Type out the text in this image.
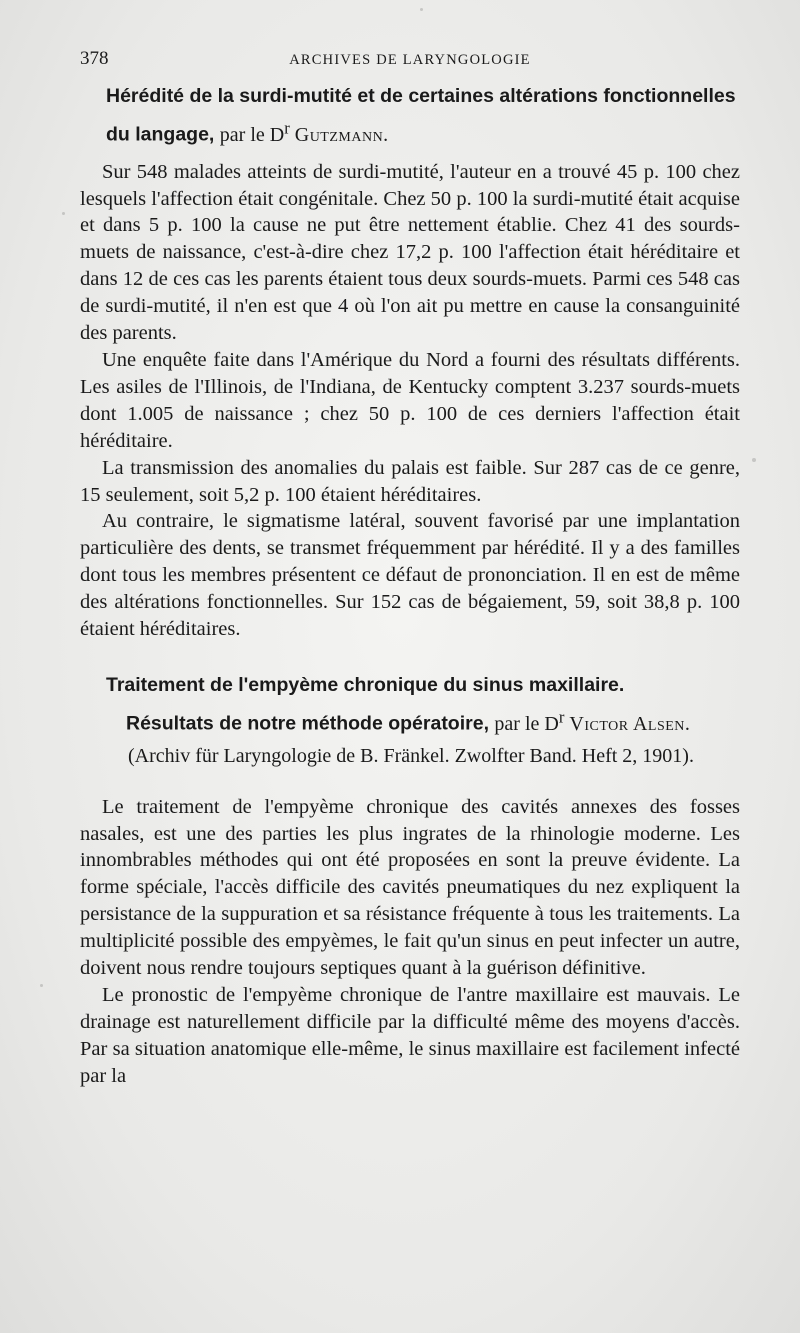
378	ARCHIVES DE LARYNGOLOGIE
Hérédité de la surdi-mutité et de certaines altérations fonctionnelles du langage, par le $D^r$ Gutzmann.

Sur 548 malades atteints de surdi-mutité, l'auteur en a trouvé 45 p. 100 chez lesquels l'affection était congénitale. Chez 50 p. 100 la surdi-mutité était acquise et dans 5 p. 100 la cause ne put être nettement établie. Chez 41 des sourds-muets de naissance, c'est-à-dire chez 17,2 p. 100 l'affection était héréditaire et dans 12 de ces cas les parents étaient tous deux sourds-muets. Parmi ces 548 cas de surdi-mutité, il n'en est que 4 où l'on ait pu mettre en cause la consanguinité des parents.

Une enquête faite dans l'Amérique du Nord a fourni des résultats différents. Les asiles de l'Illinois, de l'Indiana, de Kentucky comptent 3.237 sourds-muets dont 1.005 de naissance ; chez 50 p. 100 de ces derniers l'affection était héréditaire.

La transmission des anomalies du palais est faible. Sur 287 cas de ce genre, 15 seulement, soit 5,2 p. 100 étaient héréditaires.

Au contraire, le sigmatisme latéral, souvent favorisé par une implantation particulière des dents, se transmet fréquemment par hérédité. Il y a des familles dont tous les membres présentent ce défaut de prononciation. Il en est de même des altérations fonctionnelles. Sur 152 cas de bégaiement, 59, soit 38,8 p. 100 étaient héréditaires.

Traitement de l'empyème chronique du sinus maxillaire.
Résultats de notre méthode opératoire, par le $D^r$ Victor Alsen. (Archiv für Laryngologie de B. Fränkel. Zwolfter Band. Heft 2, 1901).

Le traitement de l'empyème chronique des cavités annexes des fosses nasales, est une des parties les plus ingrates de la rhinologie moderne. Les innombrables méthodes qui ont été proposées en sont la preuve évidente. La forme spéciale, l'accès difficile des cavités pneumatiques du nez expliquent la persistance de la suppuration et sa résistance fréquente à tous les traitements. La multiplicité possible des empyèmes, le fait qu'un sinus en peut infecter un autre, doivent nous rendre toujours septiques quant à la guérison définitive.

Le pronostic de l'empyème chronique de l'antre maxillaire est mauvais. Le drainage est naturellement difficile par la difficulté même des moyens d'accès. Par sa situation anatomique elle-même, le sinus maxillaire est facilement infecté par la
